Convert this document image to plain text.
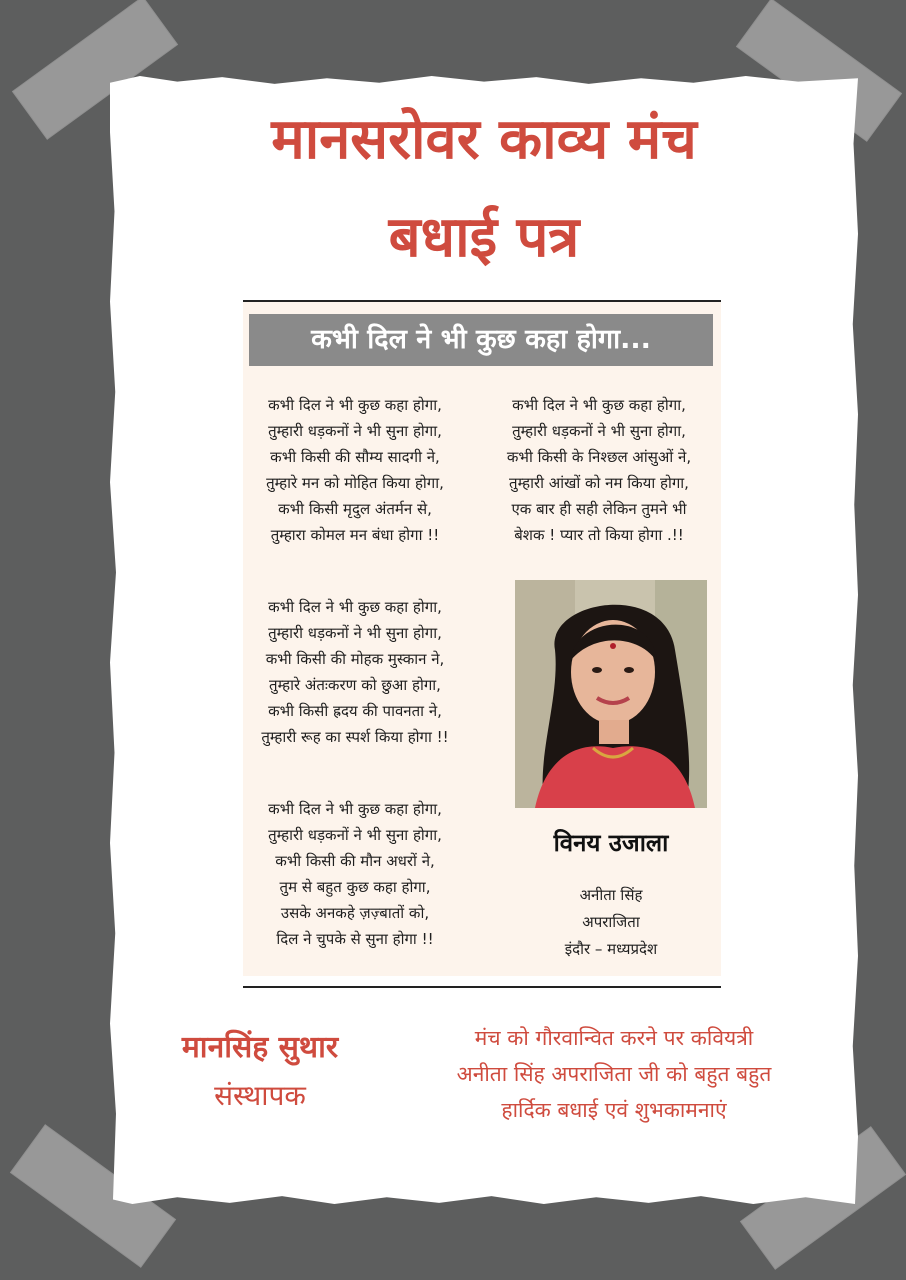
मानसरोवर काव्य मंच
बधाई पत्र
कभी दिल ने भी कुछ कहा होगा...
कभी दिल ने भी कुछ कहा होगा,
तुम्हारी धड़कनों ने भी सुना होगा,
कभी किसी की सौम्य सादगी ने,
तुम्हारे मन को मोहित किया होगा,
कभी किसी मृदुल अंतर्मन से,
तुम्हारा कोमल मन बंधा होगा !!
कभी दिल ने भी कुछ कहा होगा,
तुम्हारी धड़कनों ने भी सुना होगा,
कभी किसी की मोहक मुस्कान ने,
तुम्हारे अंतःकरण को छुआ होगा,
कभी किसी ह्रदय की पावनता ने,
तुम्हारी रूह का स्पर्श किया होगा !!
कभी दिल ने भी कुछ कहा होगा,
तुम्हारी धड़कनों ने भी सुना होगा,
कभी किसी की मौन अधरों ने,
तुम से बहुत कुछ कहा होगा,
उसके अनकहे ज़ज़्बातों को,
दिल ने चुपके से सुना होगा !!
कभी दिल ने भी कुछ कहा होगा,
तुम्हारी धड़कनों ने भी सुना होगा,
कभी किसी के निश्छल आंसुओं ने,
तुम्हारी आंखों को नम किया होगा,
एक बार ही सही लेकिन तुमने भी
बेशक ! प्यार तो किया होगा .!!
विनय उजाला
अनीता सिंह
अपराजिता
इंदौर – मध्यप्रदेश
मानसिंह सुथार
संस्थापक
मंच को गौरवान्वित करने पर कवियत्री
अनीता सिंह अपराजिता जी को बहुत बहुत
हार्दिक बधाई एवं शुभकामनाएं
